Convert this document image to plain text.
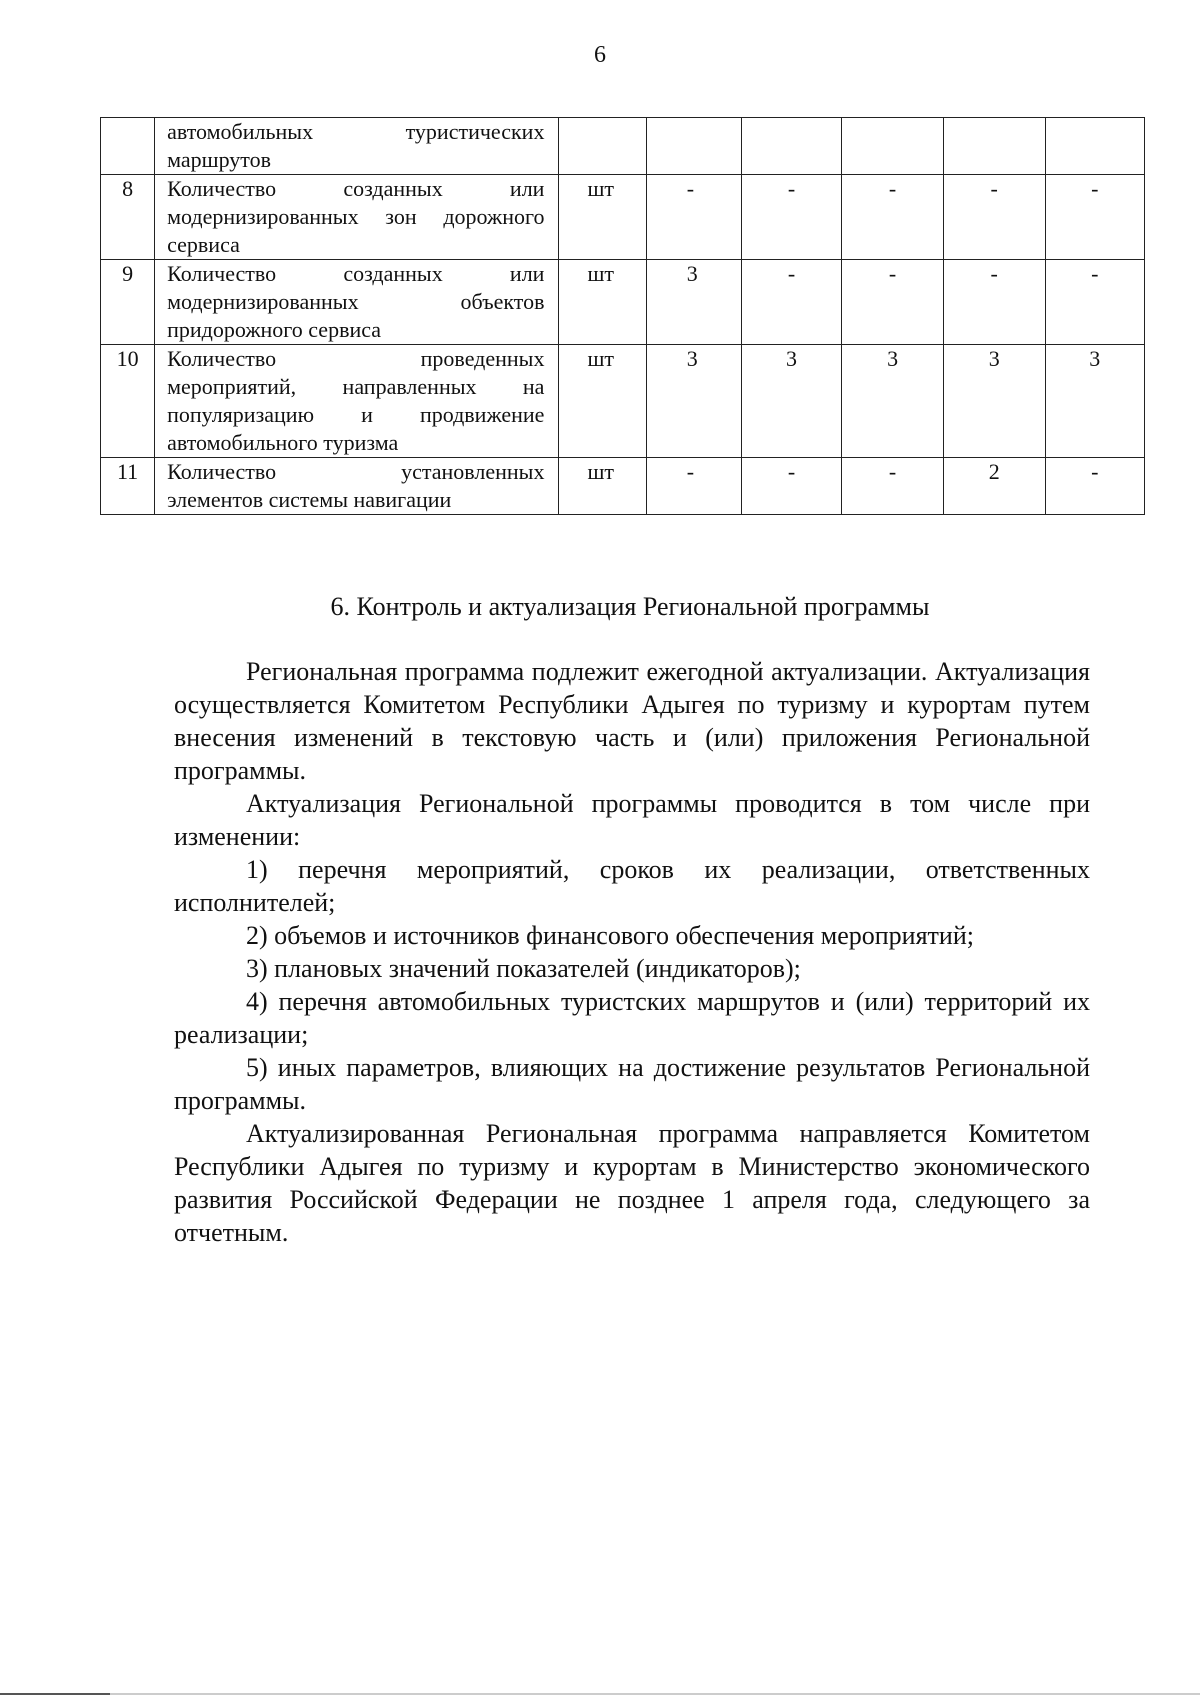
6

	автомобильных туристических
маршрутов						

8	Количество созданных или
модернизированных зон дорожного
сервиса	шт	-	-	-	-	-
9	Количество созданных или
модернизированных объектов
придорожного сервиса	шт	3	-	-	-	-
10	Количество проведенных
мероприятий, направленных на
популяризацию и продвижение
автомобильного туризма	шт	3	3	3	3	3
11	Количество установленных
элементов системы навигации	шт	-	-	-	2	-
6. Контроль и актуализация Региональной программы

Региональная программа подлежит ежегодной актуализации. Актуализация осуществляется Комитетом Республики Адыгея по туризму и курортам путем внесения изменений в текстовую часть и (или) приложения Региональной программы.

Актуализация Региональной программы проводится в том числе при изменении:

1) перечня мероприятий, сроков их реализации, ответственных исполнителей;

2) объемов и источников финансового обеспечения мероприятий;

3) плановых значений показателей (индикаторов);

4) перечня автомобильных туристских маршрутов и (или) территорий их реализации;

5) иных параметров, влияющих на достижение результатов Региональной программы.

Актуализированная Региональная программа направляется Комитетом Республики Адыгея по туризму и курортам в Министерство экономического развития Российской Федерации не позднее 1 апреля года, следующего за отчетным.
